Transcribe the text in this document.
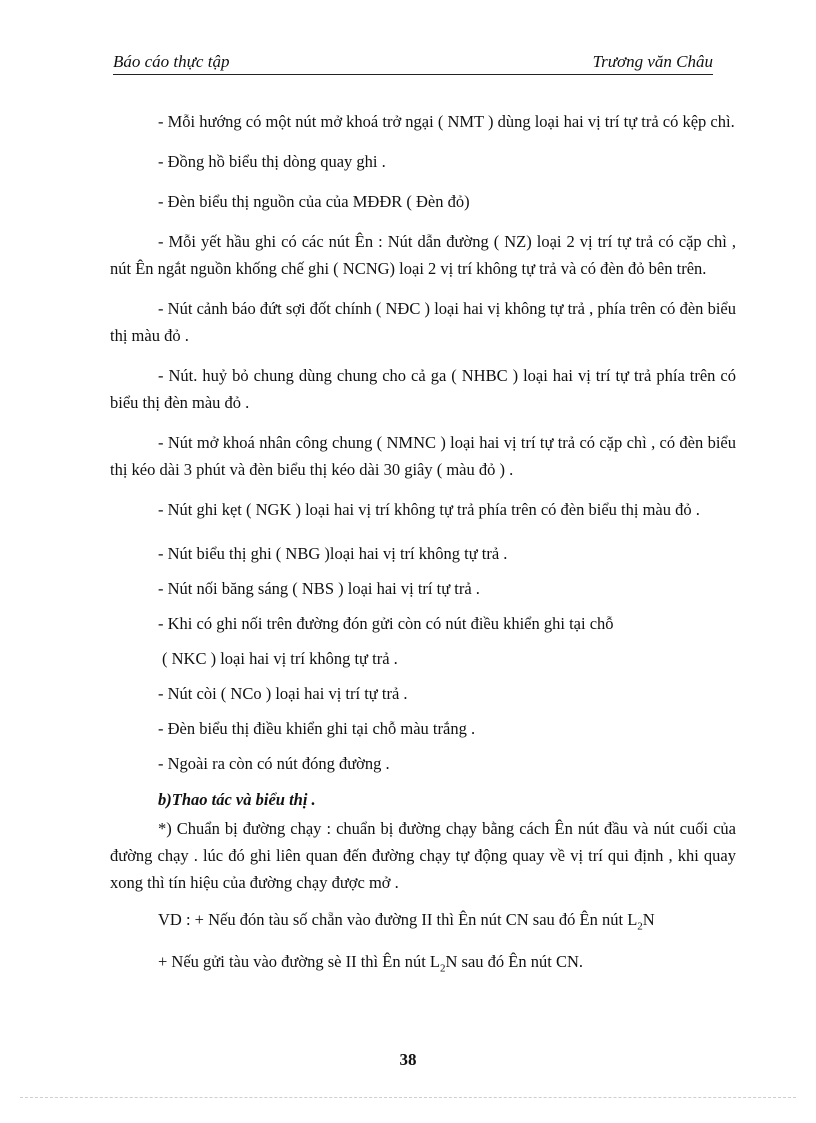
Báo cáo thực tập	Trương văn Châu

- Mỗi hướng có một nút mở khoá trở ngại ( NMT ) dùng loại hai vị trí tự trả có kệp chì.

- Đồng hồ biểu thị dòng quay ghi .

- Đèn biểu thị nguồn của của MĐĐR ( Đèn đỏ)

- Mỗi yết hầu ghi có các nút Ên : Nút dẫn đường ( NZ) loại 2 vị trí tự trả có cặp chì , nút Ên ngắt nguồn khống chế ghi ( NCNG) loại 2 vị trí không tự trả và có đèn đỏ bên trên.

- Nút cảnh báo đứt sợi đốt chính ( NĐC ) loại hai vị không tự trả , phía trên có đèn biểu thị màu đỏ .

- Nút. huỷ bỏ chung dùng chung cho cả ga ( NHBC ) loại hai vị trí tự trả phía trên có biểu thị đèn màu đỏ .

- Nút mở khoá nhân công chung ( NMNC ) loại hai vị trí tự trả có cặp chì , có đèn biểu thị kéo dài 3 phút và đèn biểu thị kéo dài 30 giây ( màu đỏ ) .

- Nút ghi kẹt ( NGK ) loại hai vị trí không tự trả phía trên có đèn biểu thị màu đỏ .

- Nút biểu thị ghi ( NBG )loại hai vị trí không tự trả .

- Nút nối băng sáng ( NBS ) loại hai vị trí tự trả .

- Khi có ghi nối trên đường đón gửi còn có nút điều khiển ghi tại chỗ

( NKC ) loại hai vị trí không tự trả .

- Nút còi ( NCo ) loại hai vị trí tự trả .

- Đèn biểu thị điều khiển ghi tại chỗ màu trắng .

- Ngoài ra còn có nút đóng đường .

b)Thao tác và biểu thị .

*) Chuẩn bị đường chạy : chuẩn bị đường chạy bằng cách Ên nút đầu và nút cuối của đường chạy . lúc đó ghi liên quan đến đường chạy tự động quay về vị trí qui định , khi quay xong thì tín hiệu của đường chạy được mở .

VD : + Nếu đón tàu số chẵn vào đường II thì Ên nút CN sau đó Ên nút $L_2N$

+ Nếu gửi tàu vào đường sè II thì Ên nút $L_2N$ sau đó Ên nút CN.

38
